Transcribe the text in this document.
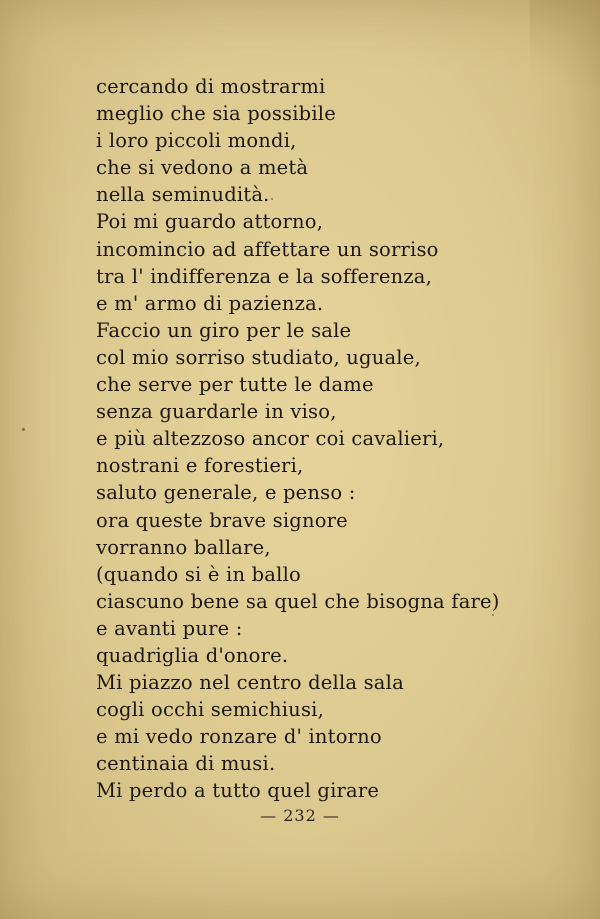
cercando di mostrarmi
meglio che sia possibile
i loro piccoli mondi,
che si vedono a metà
nella seminudità.
Poi mi guardo attorno,
incomincio ad affettare un sorriso
tra l' indifferenza e la sofferenza,
e m' armo di pazienza.
Faccio un giro per le sale
col mio sorriso studiato, uguale,
che serve per tutte le dame
senza guardarle in viso,
e più altezzoso ancor coi cavalieri,
nostrani e forestieri,
saluto generale, e penso :
ora queste brave signore
vorranno ballare,
(quando si è in ballo
ciascuno bene sa quel che bisogna fare)
e avanti pure :
quadriglia d'onore.
Mi piazzo nel centro della sala
cogli occhi semichiusi,
e mi vedo ronzare d' intorno
centinaia di musi.
Mi perdo a tutto quel girare
— 232 —
